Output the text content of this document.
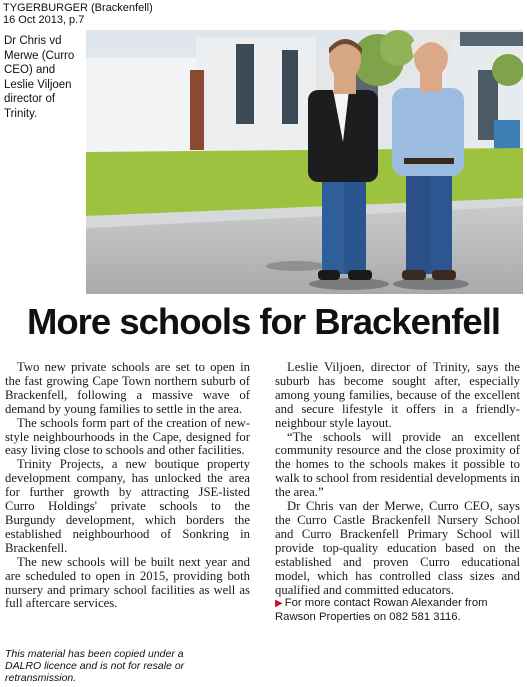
TYGERBURGER (Brackenfell)
16 Oct 2013, p.7
Dr Chris vd Merwe (Curro CEO) and Leslie Viljoen director of Trinity.
More schools for Brackenfell

Two new private schools are set to open in the fast growing Cape Town northern suburb of Brackenfell, following a massive wave of demand by young families to settle in the area.

The schools form part of the creation of new-style neighbourhoods in the Cape, designed for easy living close to schools and other facilities.

Trinity Projects, a new boutique property development company, has unlocked the area for further growth by attracting JSE-listed Curro Holdings' private schools to the Burgundy development, which borders the established neighbourhood of Sonkring in Brackenfell.

The new schools will be built next year and are scheduled to open in 2015, providing both nursery and primary school facilities as well as full aftercare services.

Leslie Viljoen, director of Trinity, says the suburb has become sought after, especially among young families, because of the excellent and secure lifestyle it offers in a friendly-neighbour style layout.

“The schools will provide an excellent community resource and the close proximity of the homes to the schools makes it possible to walk to school from residential developments in the area.”

Dr Chris van der Merwe, Curro CEO, says the Curro Castle Brackenfell Nursery School and Curro Brackenfell Primary School will provide top-quality education based on the established and proven Curro educational model, which has controlled class sizes and qualified and committed educators.

▶ For more contact Rowan Alexander from Rawson Properties on 082 581 3116.

This material has been copied under a DALRO licence and is not for resale or retransmission.
